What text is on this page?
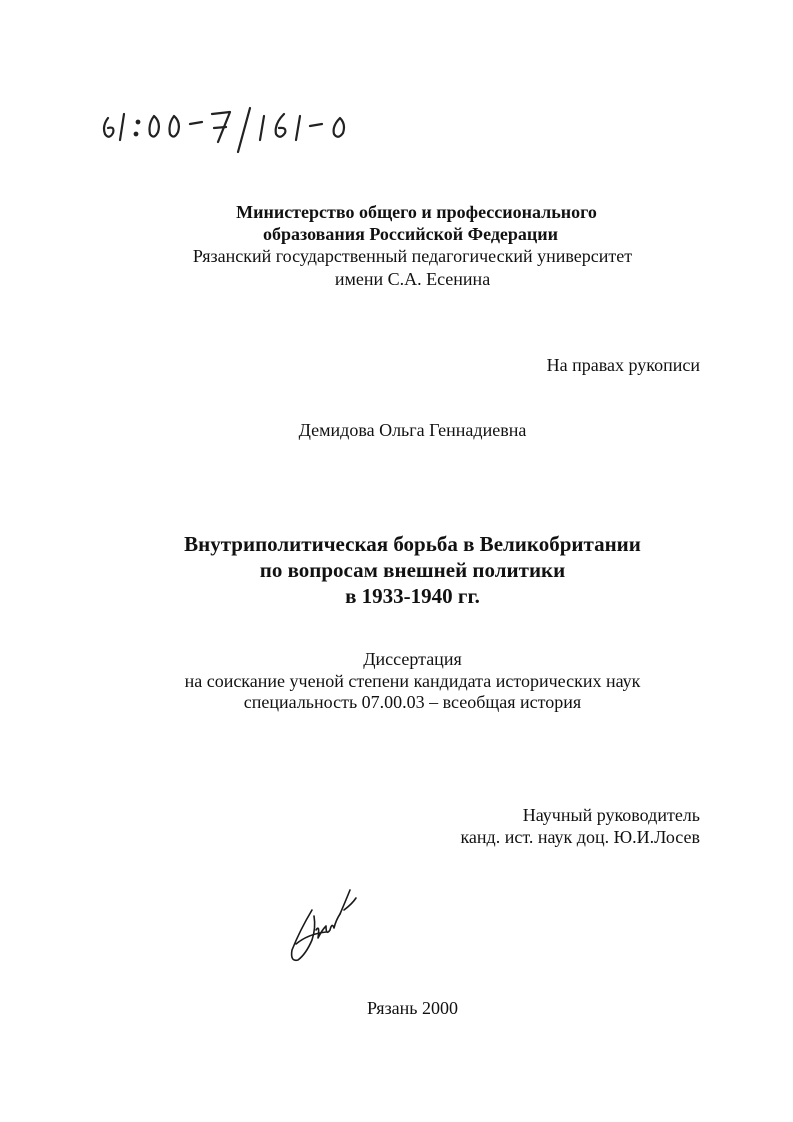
Министерство общего и профессионального
образования Российской Федерации
Рязанский государственный педагогический университет
имени С.А. Есенина
На правах рукописи
Демидова Ольга Геннадиевна
Внутриполитическая борьба в Великобритании
по вопросам внешней политики
в 1933-1940 гг.
Диссертация
на соискание ученой степени кандидата исторических наук
специальность 07.00.03 – всеобщая история
Научный руководитель
канд. ист. наук доц. Ю.И.Лосев
Рязань 2000
